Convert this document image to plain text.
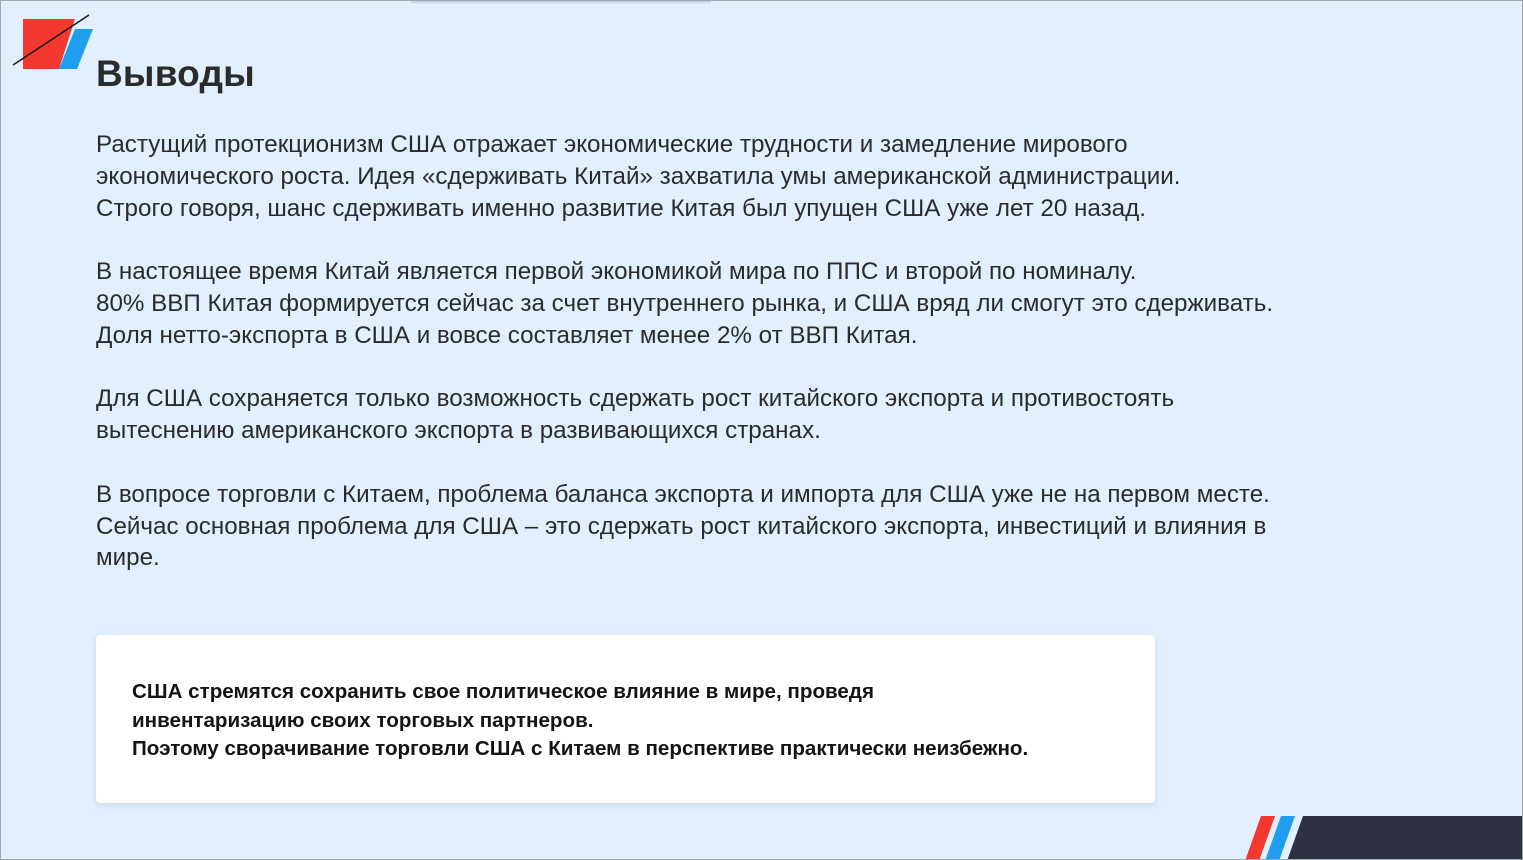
Выводы

Растущий протекционизм США отражает экономические трудности и замедление мирового
экономического роста. Идея «сдерживать Китай» захватила умы американской администрации.
Строго говоря, шанс сдерживать именно развитие Китая был упущен США уже лет 20 назад.

В настоящее время Китай является первой экономикой мира по ППС и второй по номиналу.
80% ВВП Китая формируется сейчас за счет внутреннего рынка, и США вряд ли смогут это сдерживать.
Доля нетто-экспорта в США и вовсе составляет менее 2% от ВВП Китая.

Для США сохраняется только возможность сдержать рост китайского экспорта и противостоять
вытеснению американского экспорта в развивающихся странах.

В вопросе торговли с Китаем, проблема баланса экспорта и импорта для США уже не на первом месте.
Сейчас основная проблема для США – это сдержать рост китайского экспорта, инвестиций и влияния в
мире.

США стремятся сохранить свое политическое влияние в мире, проведя
инвентаризацию своих торговых партнеров.
Поэтому сворачивание торговли США с Китаем в перспективе практически неизбежно.
